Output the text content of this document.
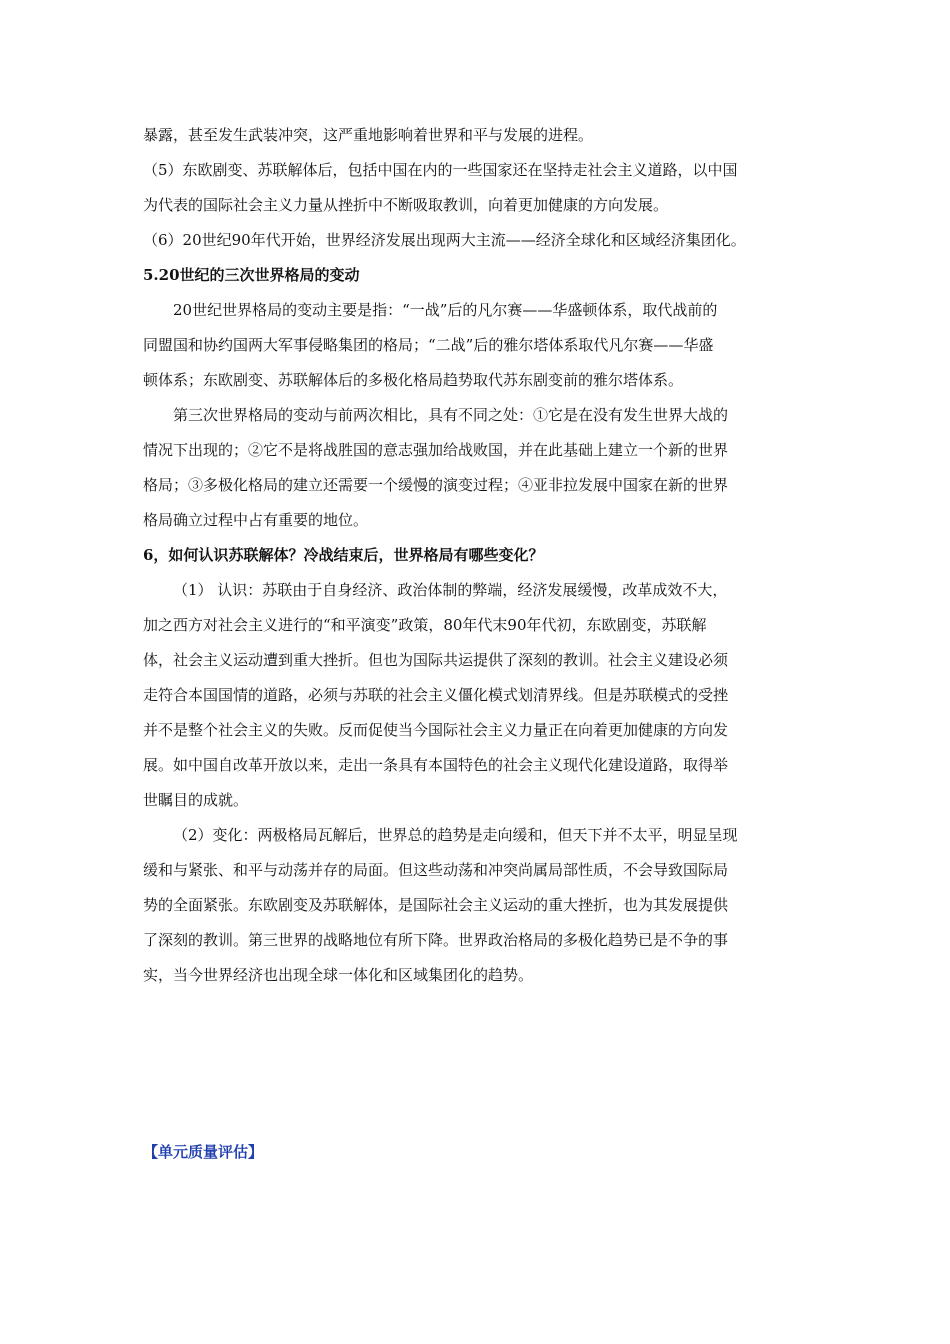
暴露，甚至发生武装冲突，这严重地影响着世界和平与发展的进程。
（5）东欧剧变、苏联解体后，包括中国在内的一些国家还在坚持走社会主义道路，以中国
为代表的国际社会主义力量从挫折中不断吸取教训，向着更加健康的方向发展。
（6）20世纪90年代开始，世界经济发展出现两大主流——经济全球化和区域经济集团化。
5.20世纪的三次世界格局的变动
20世纪世界格局的变动主要是指：“一战”后的凡尔赛——华盛顿体系，取代战前的
同盟国和协约国两大军事侵略集团的格局；“二战”后的雅尔塔体系取代凡尔赛——华盛
顿体系；东欧剧变、苏联解体后的多极化格局趋势取代苏东剧变前的雅尔塔体系。
第三次世界格局的变动与前两次相比，具有不同之处：①它是在没有发生世界大战的
情况下出现的；②它不是将战胜国的意志强加给战败国，并在此基础上建立一个新的世界
格局；③多极化格局的建立还需要一个缓慢的演变过程；④亚非拉发展中国家在新的世界
格局确立过程中占有重要的地位。
6，如何认识苏联解体？冷战结束后，世界格局有哪些变化？
（1） 认识：苏联由于自身经济、政治体制的弊端，经济发展缓慢，改革成效不大，
加之西方对社会主义进行的“和平演变”政策，80年代末90年代初，东欧剧变，苏联解
体，社会主义运动遭到重大挫折。但也为国际共运提供了深刻的教训。社会主义建设必须
走符合本国国情的道路，必须与苏联的社会主义僵化模式划清界线。但是苏联模式的受挫
并不是整个社会主义的失败。反而促使当今国际社会主义力量正在向着更加健康的方向发
展。如中国自改革开放以来，走出一条具有本国特色的社会主义现代化建设道路，取得举
世瞩目的成就。
（2）变化：两极格局瓦解后，世界总的趋势是走向缓和，但天下并不太平，明显呈现
缓和与紧张、和平与动荡并存的局面。但这些动荡和冲突尚属局部性质，不会导致国际局
势的全面紧张。东欧剧变及苏联解体，是国际社会主义运动的重大挫折，也为其发展提供
了深刻的教训。第三世界的战略地位有所下降。世界政治格局的多极化趋势已是不争的事
实，当今世界经济也出现全球一体化和区域集团化的趋势。
【单元质量评估】
